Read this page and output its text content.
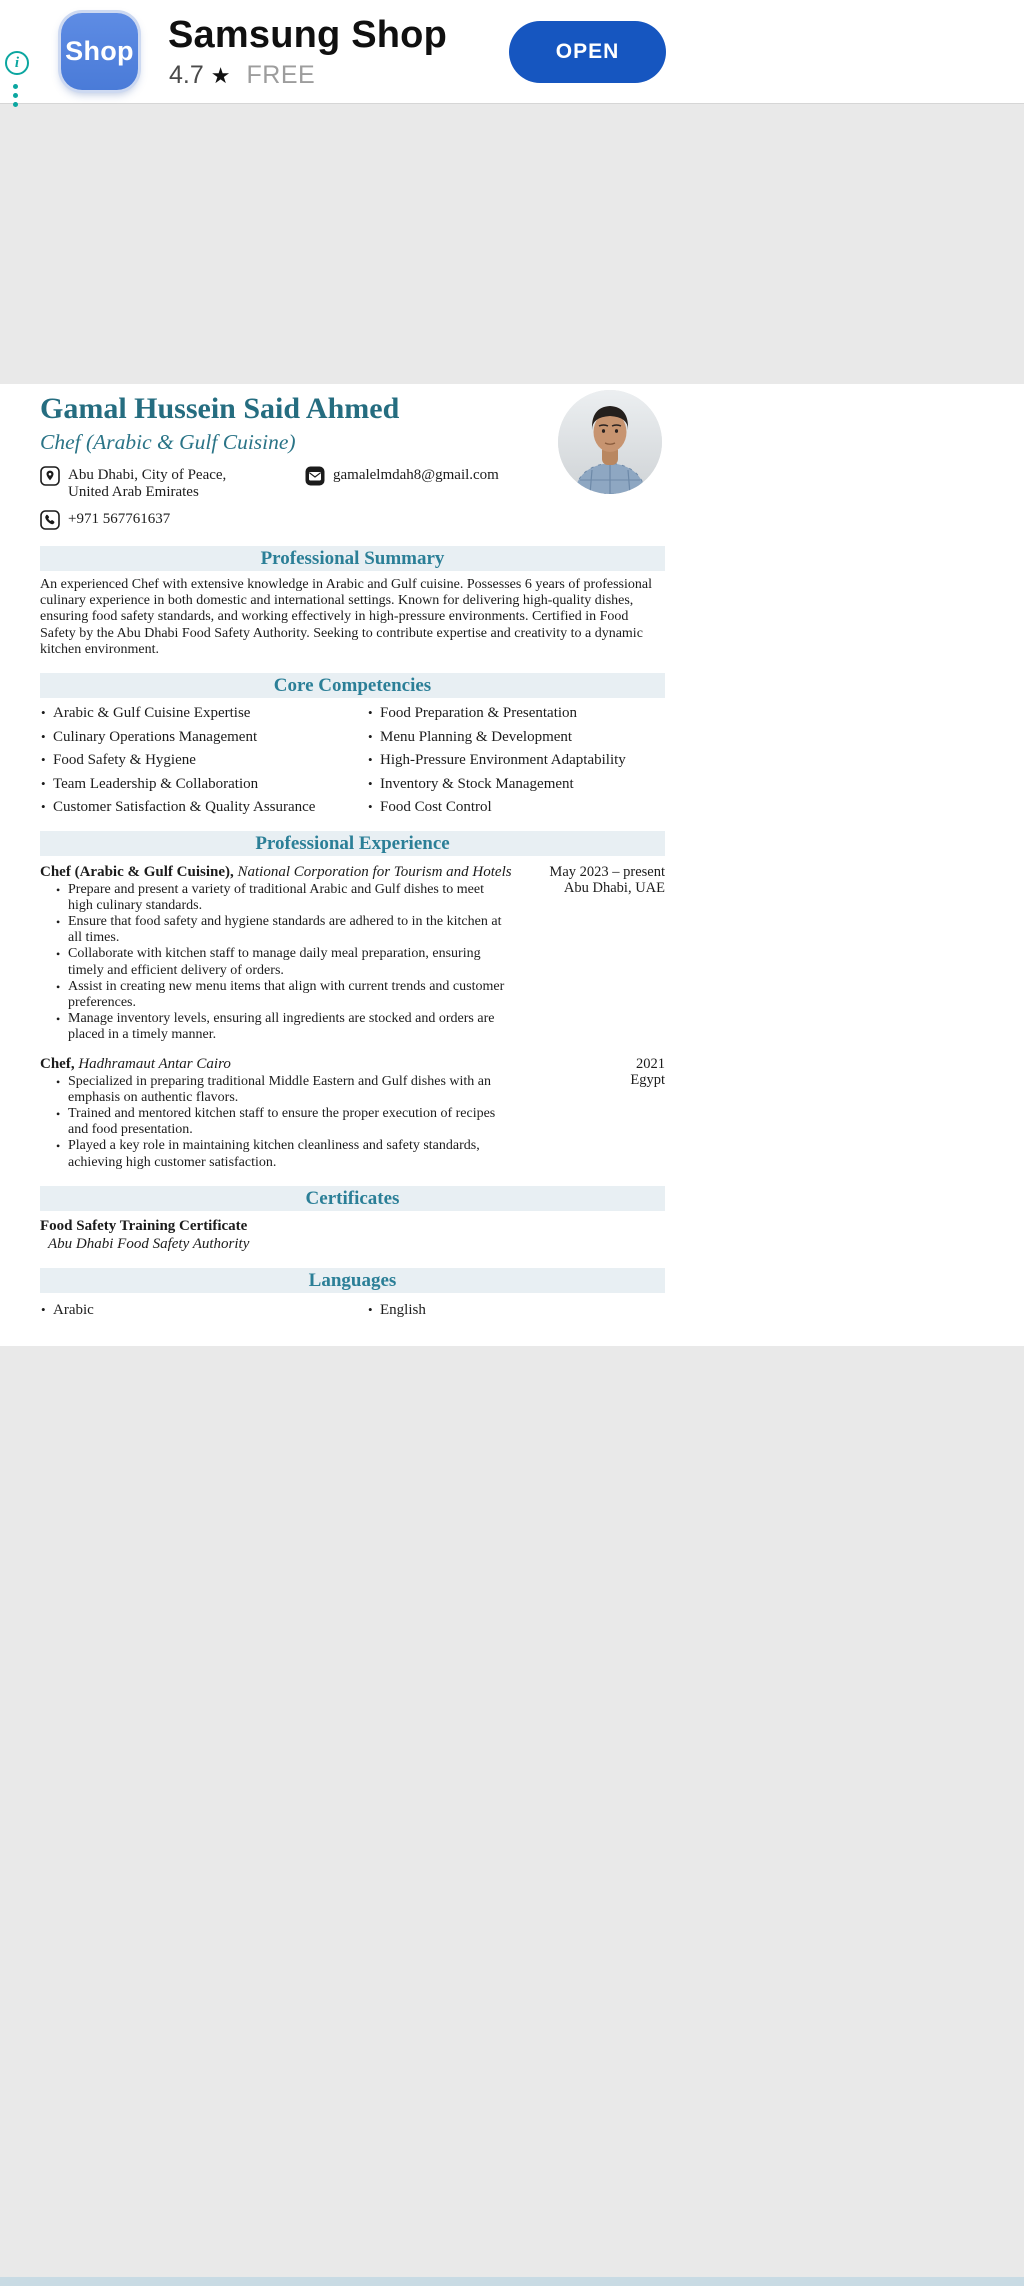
i	Shop Samsung Shop
4.7 ★ FREE
OPEN
Gamal Hussein Said Ahmed
Chef (Arabic & Gulf Cuisine)
Abu Dhabi, City of Peace, United Arab Emirates
gamalelmdah8@gmail.com
+971 567761637
Professional Summary
An experienced Chef with extensive knowledge in Arabic and Gulf cuisine. Possesses 6 years of professional culinary experience in both domestic and international settings. Known for delivering high-quality dishes, ensuring food safety standards, and working effectively in high-pressure environments. Certified in Food Safety by the Abu Dhabi Food Safety Authority. Seeking to contribute expertise and creativity to a dynamic kitchen environment.
Core Competencies
• Arabic & Gulf Cuisine Expertise	• Food Preparation & Presentation
• Culinary Operations Management	• Menu Planning & Development
• Food Safety & Hygiene	• High-Pressure Environment Adaptability
• Team Leadership & Collaboration	• Inventory & Stock Management
• Customer Satisfaction & Quality Assurance	• Food Cost Control
Professional Experience
Chef (Arabic & Gulf Cuisine), National Corporation for Tourism and Hotels	May 2023 – present
Abu Dhabi, UAE
• Prepare and present a variety of traditional Arabic and Gulf dishes to meet high culinary standards.
• Ensure that food safety and hygiene standards are adhered to in the kitchen at all times.
• Collaborate with kitchen staff to manage daily meal preparation, ensuring timely and efficient delivery of orders.
• Assist in creating new menu items that align with current trends and customer preferences.
• Manage inventory levels, ensuring all ingredients are stocked and orders are placed in a timely manner.
Chef, Hadhramaut Antar Cairo	2021
Egypt
• Specialized in preparing traditional Middle Eastern and Gulf dishes with an emphasis on authentic flavors.
• Trained and mentored kitchen staff to ensure the proper execution of recipes and food presentation.
• Played a key role in maintaining kitchen cleanliness and safety standards, achieving high customer satisfaction.
Certificates
Food Safety Training Certificate
Abu Dhabi Food Safety Authority
Languages
• Arabic	• English
